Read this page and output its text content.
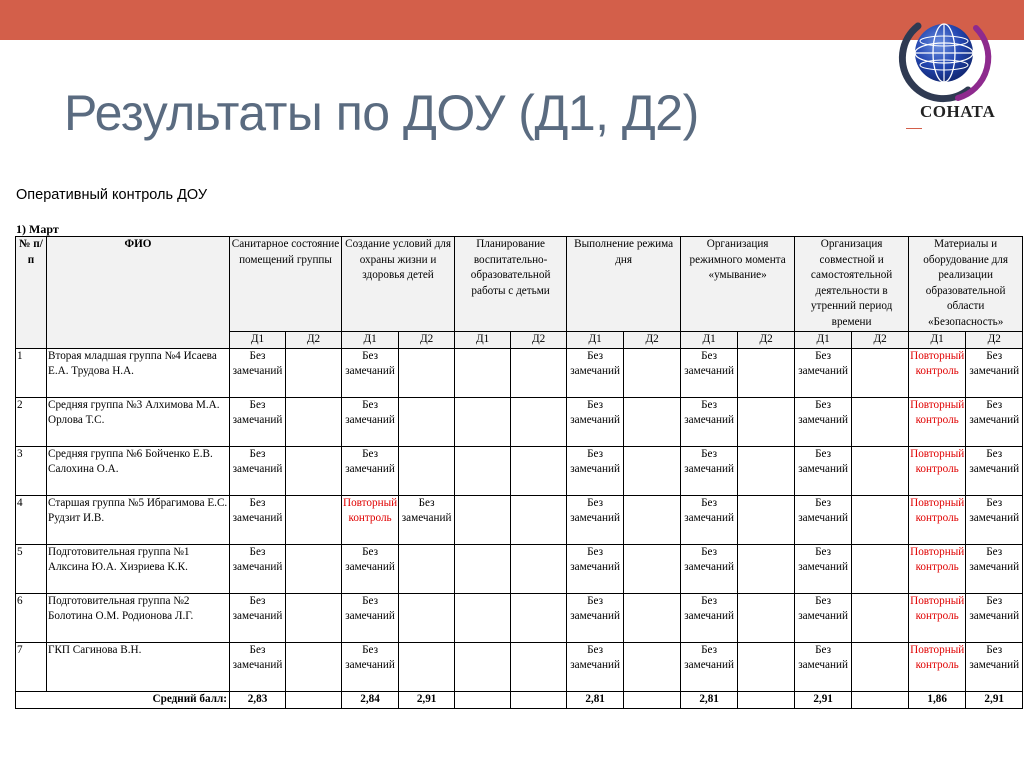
Результаты по ДОУ (Д1, Д2)	СОНАТА
Оперативный контроль ДОУ
1) Март
№ п/п	ФИО	Санитарное состояние помещений группы		Создание условий для охраны жизни и здоровья детей		Планирование воспитательно-образовательной работы с детьми		Выполнение режима дня		Организация режимного момента «умывание»		Организация совместной и самостоятельной деятельности в утренний период времени		Материалы и оборудование для реализации образовательной области «Безопасность»	
		Д1	Д2	Д1	Д2	Д1	Д2	Д1	Д2	Д1	Д2	Д1	Д2	Д1	Д2
1	Вторая младшая группа №4 Исаева Е.А. Трудова Н.А.	Без замечаний		Без замечаний				Без замечаний		Без замечаний		Без замечаний		Повторный контроль	Без замечаний
2	Средняя группа №3 Алхимова М.А. Орлова Т.С.	Без замечаний		Без замечаний				Без замечаний		Без замечаний		Без замечаний		Повторный контроль	Без замечаний
3	Средняя группа №6 Бойченко Е.В. Салохина О.А.	Без замечаний		Без замечаний				Без замечаний		Без замечаний		Без замечаний		Повторный контроль	Без замечаний
4	Старшая группа №5 Ибрагимова Е.С. Рудзит И.В.	Без замечаний		Повторный контроль	Без замечаний			Без замечаний		Без замечаний		Без замечаний		Повторный контроль	Без замечаний
5	Подготовительная группа №1 Алксина Ю.А. Хизриева К.К.	Без замечаний		Без замечаний				Без замечаний		Без замечаний		Без замечаний		Повторный контроль	Без замечаний
6	Подготовительная группа №2 Болотина О.М. Родионова Л.Г.	Без замечаний		Без замечаний				Без замечаний		Без замечаний		Без замечаний		Повторный контроль	Без замечаний
7	ГКП Сагинова В.Н.	Без замечаний		Без замечаний				Без замечаний		Без замечаний		Без замечаний		Повторный контроль	Без замечаний
	Средний балл:	2,83		2,84	2,91			2,81		2,81		2,91		1,86	2,91
